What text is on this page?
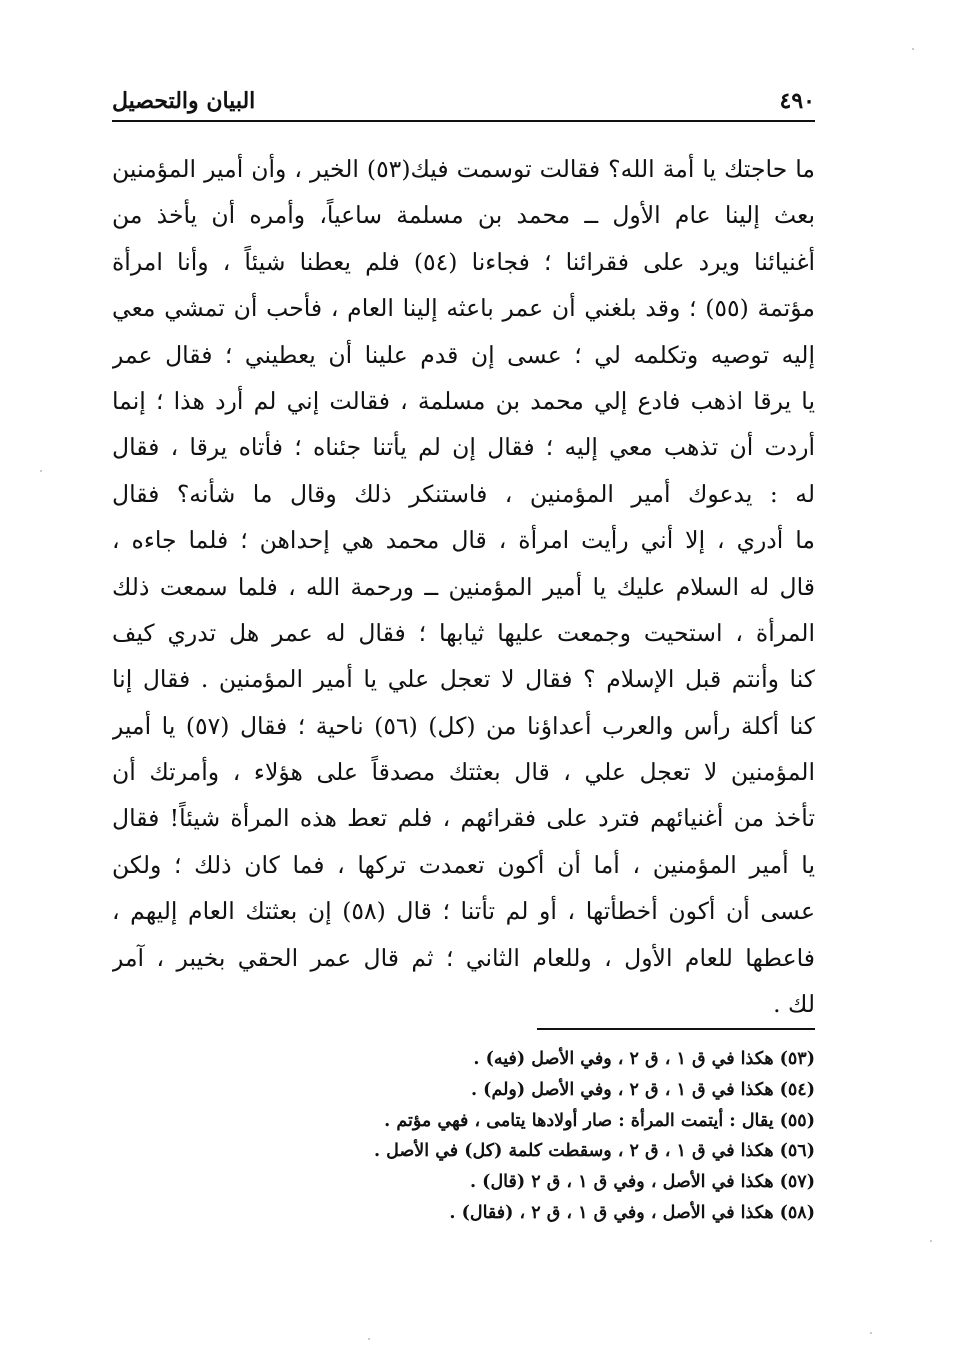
٤٩٠
البيان والتحصيل
ما حاجتك يا أمة الله؟ فقالت توسمت فيك(٥٣) الخير ، وأن أمير المؤمنين
بعث إلينا عام الأول ــ محمد بن مسلمة ساعياً، وأمره أن يأخذ من
أغنيائنا ويرد على فقرائنا ؛ فجاءنا (٥٤) فلم يعطنا شيئاً ، وأنا امرأة
مؤتمة (٥٥) ؛ وقد بلغني أن عمر باعثه إلينا العام ، فأحب أن تمشي معي
إليه توصيه وتكلمه لي ؛ عسى إن قدم علينا أن يعطيني ؛ فقال عمر
يا يرقا اذهب فادع إلي محمد بن مسلمة ، فقالت إني لم أرد هذا ؛ إنما
أردت أن تذهب معي إليه ؛ فقال إن لم يأتنا جئناه ؛ فأتاه يرقا ، فقال
له : يدعوك أمير المؤمنين ، فاستنكر ذلك وقال ما شأنه؟ فقال
ما أدري ، إلا أني رأيت امرأة ، قال محمد هي إحداهن ؛ فلما جاءه ،
قال له السلام عليك يا أمير المؤمنين ــ ورحمة الله ، فلما سمعت ذلك
المرأة ، استحيت وجمعت عليها ثيابها ؛ فقال له عمر هل تدري كيف
كنا وأنتم قبل الإسلام ؟ فقال لا تعجل علي يا أمير المؤمنين . فقال إنا
كنا أكلة رأس والعرب أعداؤنا من (كل) (٥٦) ناحية ؛ فقال (٥٧) يا أمير
المؤمنين لا تعجل علي ، قال بعثتك مصدقاً على هؤلاء ، وأمرتك أن
تأخذ من أغنيائهم فترد على فقرائهم ، فلم تعط هذه المرأة شيئاً! فقال
يا أمير المؤمنين ، أما أن أكون تعمدت تركها ، فما كان ذلك ؛ ولكن
عسى أن أكون أخطأتها ، أو لم تأتنا ؛ قال (٥٨) إن بعثتك العام إليهم ،
فاعطها للعام الأول ، وللعام الثاني ؛ ثم قال عمر الحقي بخيبر ، آمر
لك .
(٥٣)هكذا في ق ١ ، ق ٢ ، وفي الأصل (فيه) .
(٥٤)هكذا في ق ١ ، ق ٢ ، وفي الأصل (ولم) .
(٥٥)يقال : أيتمت المرأة : صار أولادها يتامى ، فهي مؤتم .
(٥٦)هكذا في ق ١ ، ق ٢ ، وسقطت كلمة (كل) في الأصل .
(٥٧)هكذا في الأصل ، وفي ق ١ ، ق ٢ (قال) .
(٥٨)هكذا في الأصل ، وفي ق ١ ، ق ٢ ، (فقال) .
